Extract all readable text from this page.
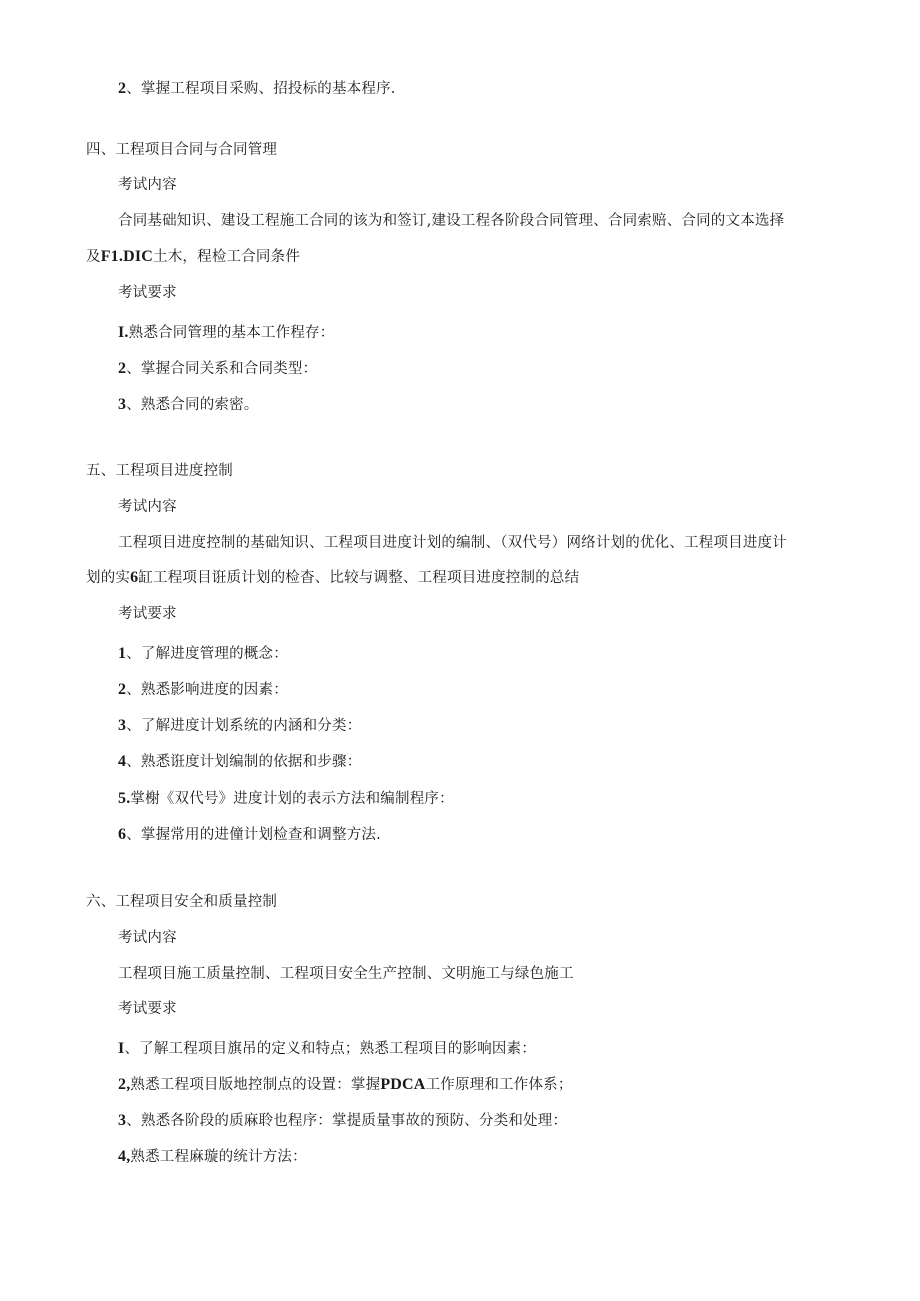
2、掌握工程项目采购、招投标的基本程序.
四、工程项目合同与合同管理
考试内容
合同基础知识、建设工程施工合同的该为和签订,建设工程各阶段合同管理、合同索赔、合同的文本选择
及F1.DIC土木，程检工合同条件
考试要求
I.熟悉合同管理的基本工作程存：
2、掌握合同关系和合同类型：
3、熟悉合同的索密。
五、工程项目进度控制
考试内容
工程项目进度控制的基础知识、工程项目进度计划的编制、（双代号）网络计划的优化、工程项目进度计
划的实6缸工程项目诳质计划的检杳、比较与调整、工程项目进度控制的总结
考试要求
1、了解进度管理的概念：
2、熟悉影响进度的因素：
3、了解进度计划系统的内涵和分类：
4、熟悉诳度计划编制的依据和步骤：
5.掌榭《双代号》进度计划的表示方法和编制程序：
6、掌握常用的进僮计划检查和调整方法.
六、工程项目安全和质量控制
考试内容
工程项目施工质量控制、工程项目安全生产控制、文明施工与绿色施工
考试要求
I、了解工程项目旗吊的定义和特点；熟悉工程项目的影响因素：
2,熟悉工程项目版地控制点的设置：掌握PDCA工作原理和工作体系；
3、熟悉各阶段的质麻聆也程序：掌提质量事故的预防、分类和处理：
4,熟悉工程麻璇的统计方法：
